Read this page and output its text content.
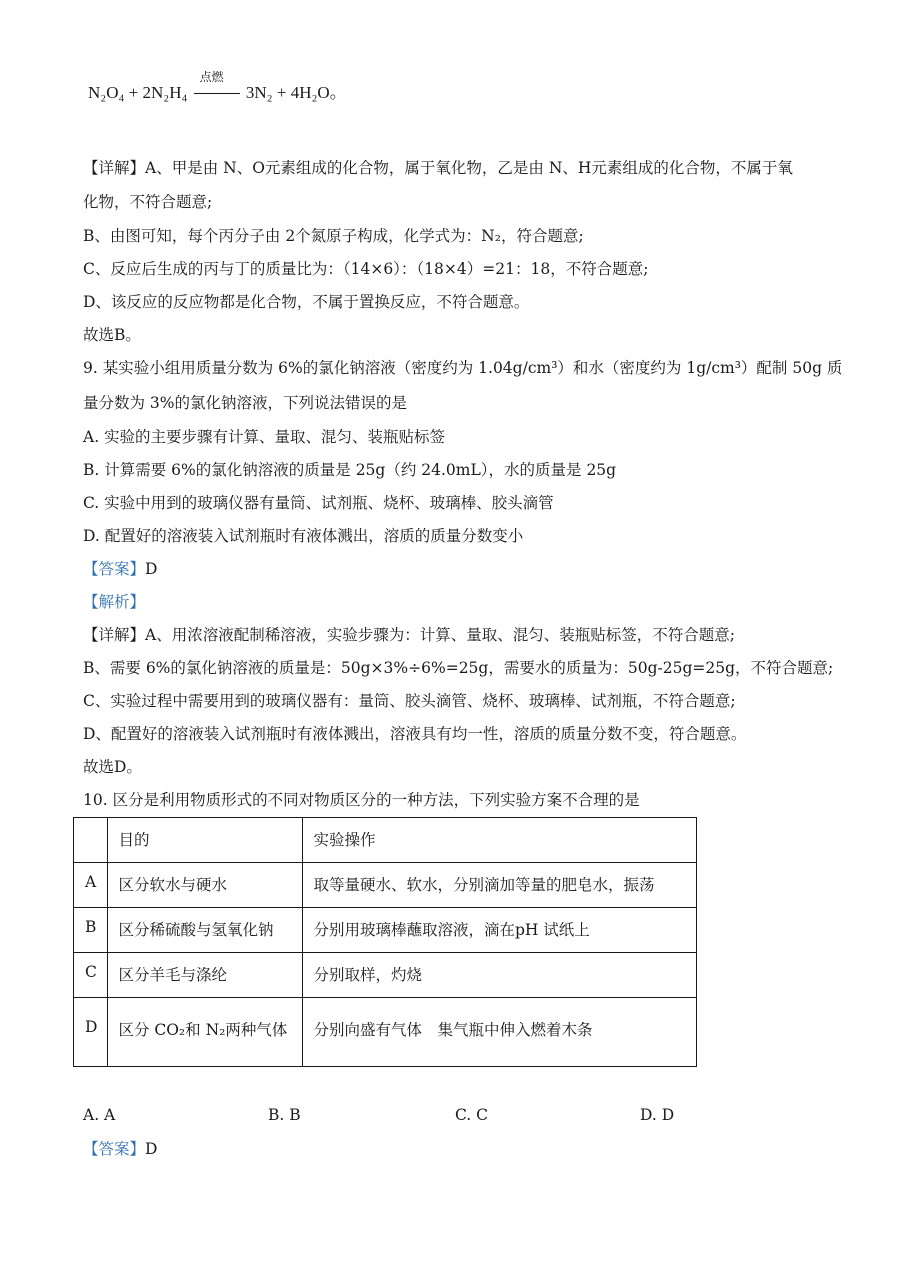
N₂O₄ + 2N₂H₄
点燃
3N₂ + 4H₂O。
【详解】A、甲是由 N、O元素组成的化合物，属于氧化物，乙是由 N、H元素组成的化合物，不属于氧
化物，不符合题意;
B、由图可知，每个丙分子由 2个氮原子构成，化学式为：N₂，符合题意;
C、反应后生成的丙与丁的质量比为：（14×6）：（18×4）=21：18，不符合题意;
D、该反应的反应物都是化合物，不属于置换反应，不符合题意。
故选B。
9. 某实验小组用质量分数为 6%的氯化钠溶液（密度约为 1.04g/cm³）和水（密度约为 1g/cm³）配制 50g 质
量分数为 3%的氯化钠溶液，下列说法错误的是
A. 实验的主要步骤有计算、量取、混匀、装瓶贴标签
B. 计算需要 6%的氯化钠溶液的质量是 25g（约 24.0mL），水的质量是 25g
C. 实验中用到的玻璃仪器有量筒、试剂瓶、烧杯、玻璃棒、胶头滴管
D. 配置好的溶液装入试剂瓶时有液体溅出，溶质的质量分数变小
【答案】D
【解析】
【详解】A、用浓溶液配制稀溶液，实验步骤为：计算、量取、混匀、装瓶贴标签，不符合题意;
B、需要 6%的氯化钠溶液的质量是：50g×3%÷6%=25g，需要水的质量为：50g-25g=25g，不符合题意;
C、实验过程中需要用到的玻璃仪器有：量筒、胶头滴管、烧杯、玻璃棒、试剂瓶，不符合题意;
D、配置好的溶液装入试剂瓶时有液体溅出，溶液具有均一性，溶质的质量分数不变，符合题意。
故选D。
10. 区分是利用物质形式的不同对物质区分的一种方法，下列实验方案不合理的是
	目的	实验操作
A	区分软水与硬水	取等量硬水、软水，分别滴加等量的肥皂水，振荡
B	区分稀硫酸与氢氧化钠	分别用玻璃棒蘸取溶液，滴在pH 试纸上
C	区分羊毛与涤纶	分别取样，灼烧
D	区分 CO₂和 N₂两种气体	分别向盛有气体　集气瓶中伸入燃着木条
A. A	B. B	C. C	D. D
【答案】D
